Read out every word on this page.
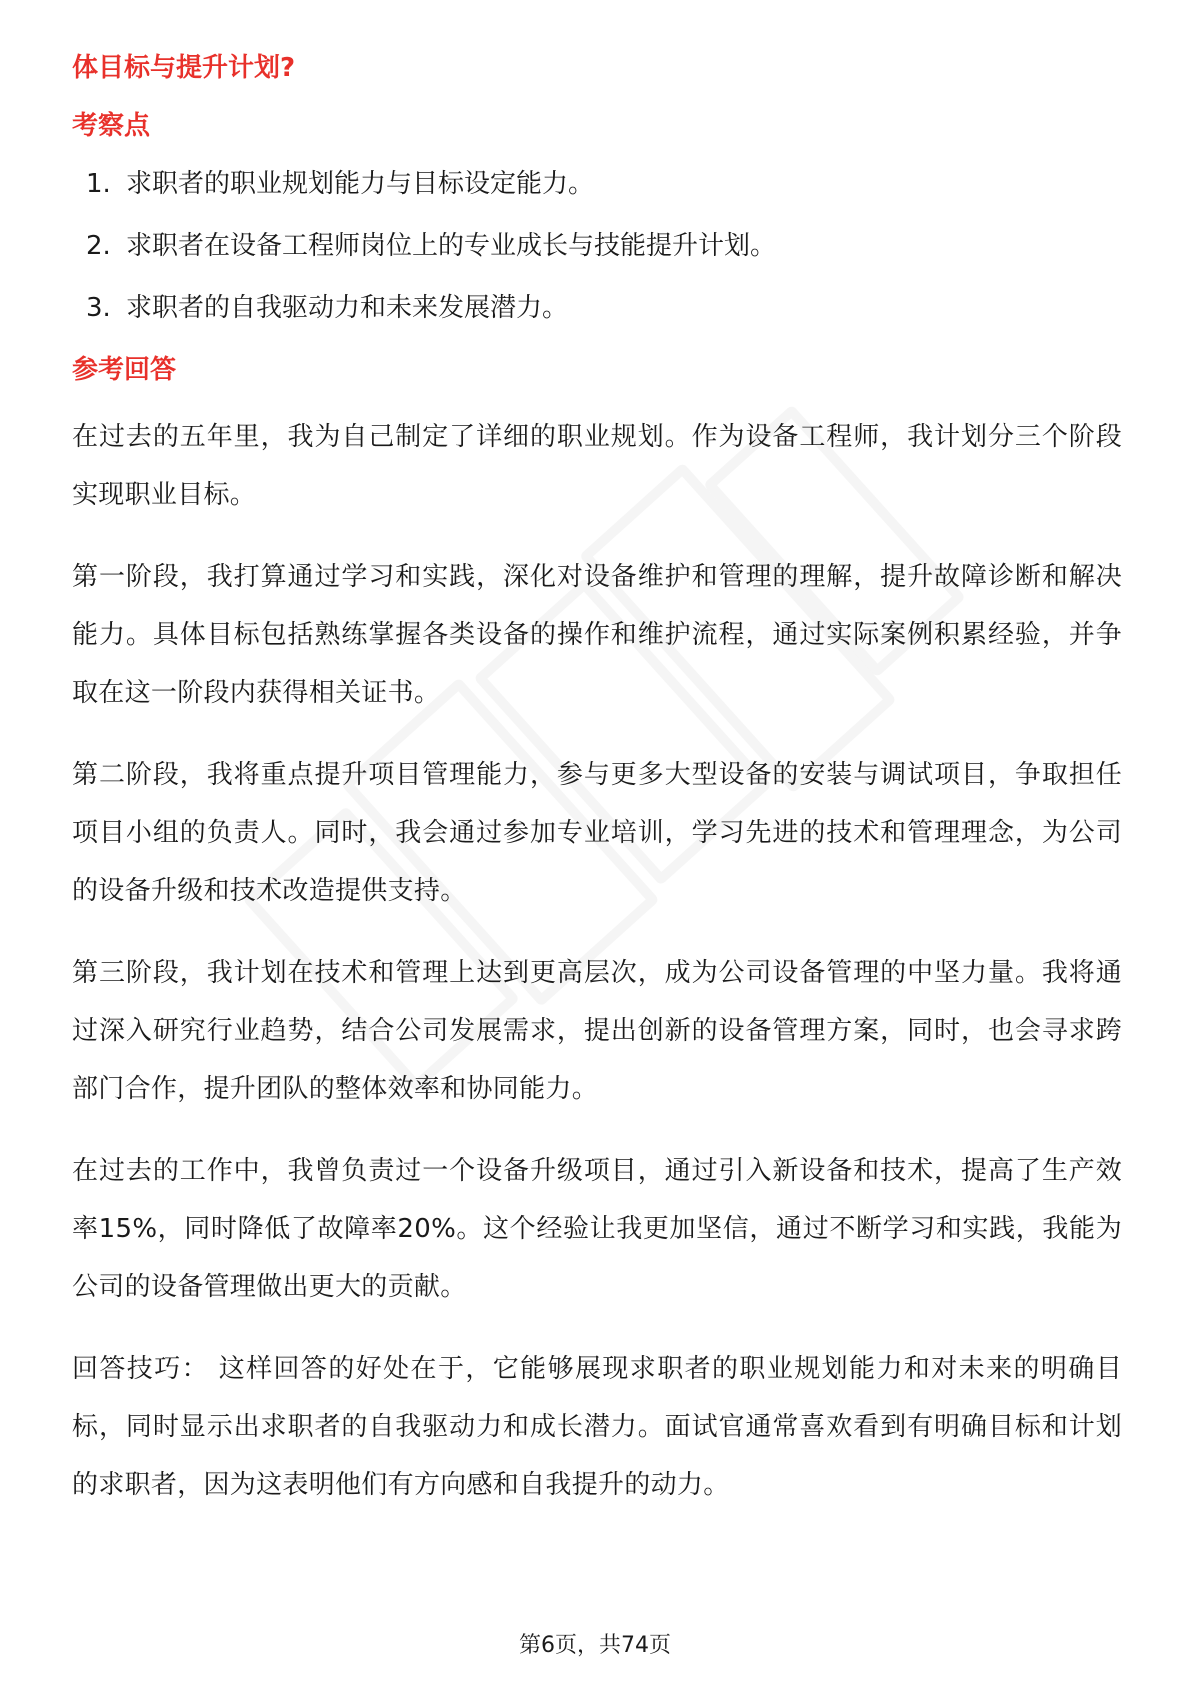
体目标与提升计划?
考察点
1. 求职者的职业规划能力与目标设定能力。
2. 求职者在设备工程师岗位上的专业成长与技能提升计划。
3. 求职者的自我驱动力和未来发展潜力。
参考回答

在过去的五年里，我为自己制定了详细的职业规划。作为设备工程师，我计划分三个阶段实现职业目标。

第一阶段，我打算通过学习和实践，深化对设备维护和管理的理解，提升故障诊断和解决能力。具体目标包括熟练掌握各类设备的操作和维护流程，通过实际案例积累经验，并争取在这一阶段内获得相关证书。

第二阶段，我将重点提升项目管理能力，参与更多大型设备的安装与调试项目，争取担任项目小组的负责人。同时，我会通过参加专业培训，学习先进的技术和管理理念，为公司的设备升级和技术改造提供支持。

第三阶段，我计划在技术和管理上达到更高层次，成为公司设备管理的中坚力量。我将通过深入研究行业趋势，结合公司发展需求，提出创新的设备管理方案，同时，也会寻求跨部门合作，提升团队的整体效率和协同能力。

在过去的工作中，我曾负责过一个设备升级项目，通过引入新设备和技术，提高了生产效率15%，同时降低了故障率20%。这个经验让我更加坚信，通过不断学习和实践，我能为公司的设备管理做出更大的贡献。

回答技巧： 这样回答的好处在于，它能够展现求职者的职业规划能力和对未来的明确目标，同时显示出求职者的自我驱动力和成长潜力。面试官通常喜欢看到有明确目标和计划的求职者，因为这表明他们有方向感和自我提升的动力。

第6页，共74页
